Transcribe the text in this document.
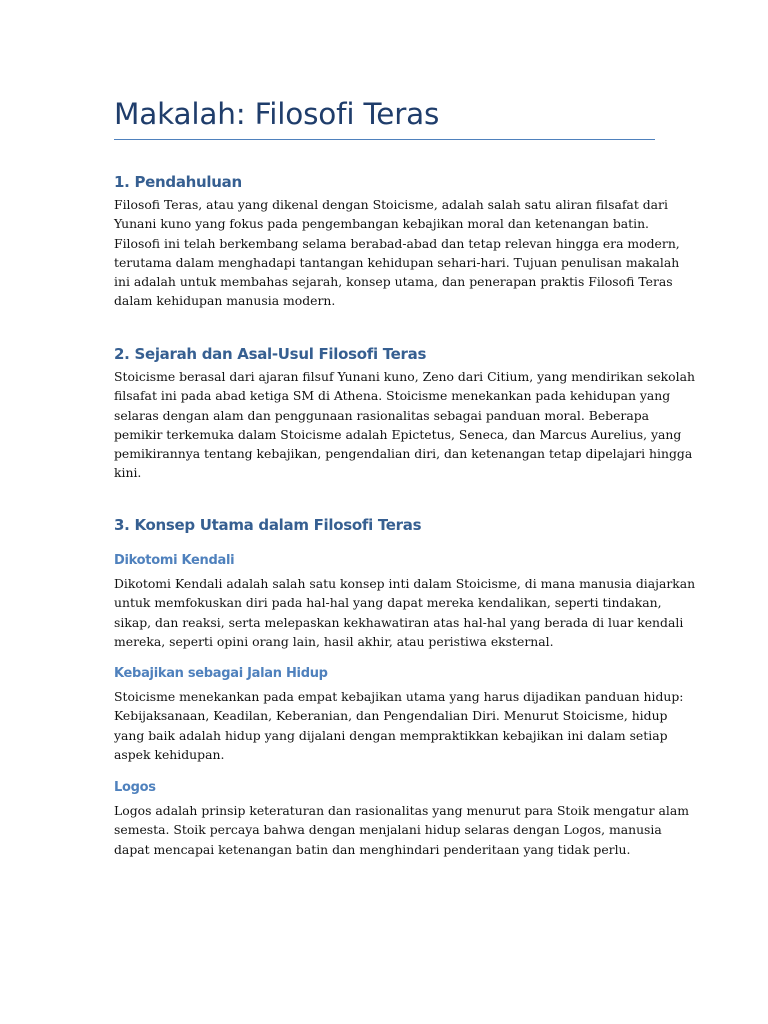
Makalah: Filosofi Teras
1. Pendahuluan

Filosofi Teras, atau yang dikenal dengan Stoicisme, adalah salah satu aliran filsafat dari
Yunani kuno yang fokus pada pengembangan kebajikan moral dan ketenangan batin.
Filosofi ini telah berkembang selama berabad-abad dan tetap relevan hingga era modern,
terutama dalam menghadapi tantangan kehidupan sehari-hari. Tujuan penulisan makalah
ini adalah untuk membahas sejarah, konsep utama, dan penerapan praktis Filosofi Teras
dalam kehidupan manusia modern.

2. Sejarah dan Asal-Usul Filosofi Teras

Stoicisme berasal dari ajaran filsuf Yunani kuno, Zeno dari Citium, yang mendirikan sekolah
filsafat ini pada abad ketiga SM di Athena. Stoicisme menekankan pada kehidupan yang
selaras dengan alam dan penggunaan rasionalitas sebagai panduan moral. Beberapa
pemikir terkemuka dalam Stoicisme adalah Epictetus, Seneca, dan Marcus Aurelius, yang
pemikirannya tentang kebajikan, pengendalian diri, dan ketenangan tetap dipelajari hingga
kini.

3. Konsep Utama dalam Filosofi Teras
Dikotomi Kendali

Dikotomi Kendali adalah salah satu konsep inti dalam Stoicisme, di mana manusia diajarkan
untuk memfokuskan diri pada hal-hal yang dapat mereka kendalikan, seperti tindakan,
sikap, dan reaksi, serta melepaskan kekhawatiran atas hal-hal yang berada di luar kendali
mereka, seperti opini orang lain, hasil akhir, atau peristiwa eksternal.

Kebajikan sebagai Jalan Hidup

Stoicisme menekankan pada empat kebajikan utama yang harus dijadikan panduan hidup:
Kebijaksanaan, Keadilan, Keberanian, dan Pengendalian Diri. Menurut Stoicisme, hidup
yang baik adalah hidup yang dijalani dengan mempraktikkan kebajikan ini dalam setiap
aspek kehidupan.

Logos

Logos adalah prinsip keteraturan dan rasionalitas yang menurut para Stoik mengatur alam
semesta. Stoik percaya bahwa dengan menjalani hidup selaras dengan Logos, manusia
dapat mencapai ketenangan batin dan menghindari penderitaan yang tidak perlu.
